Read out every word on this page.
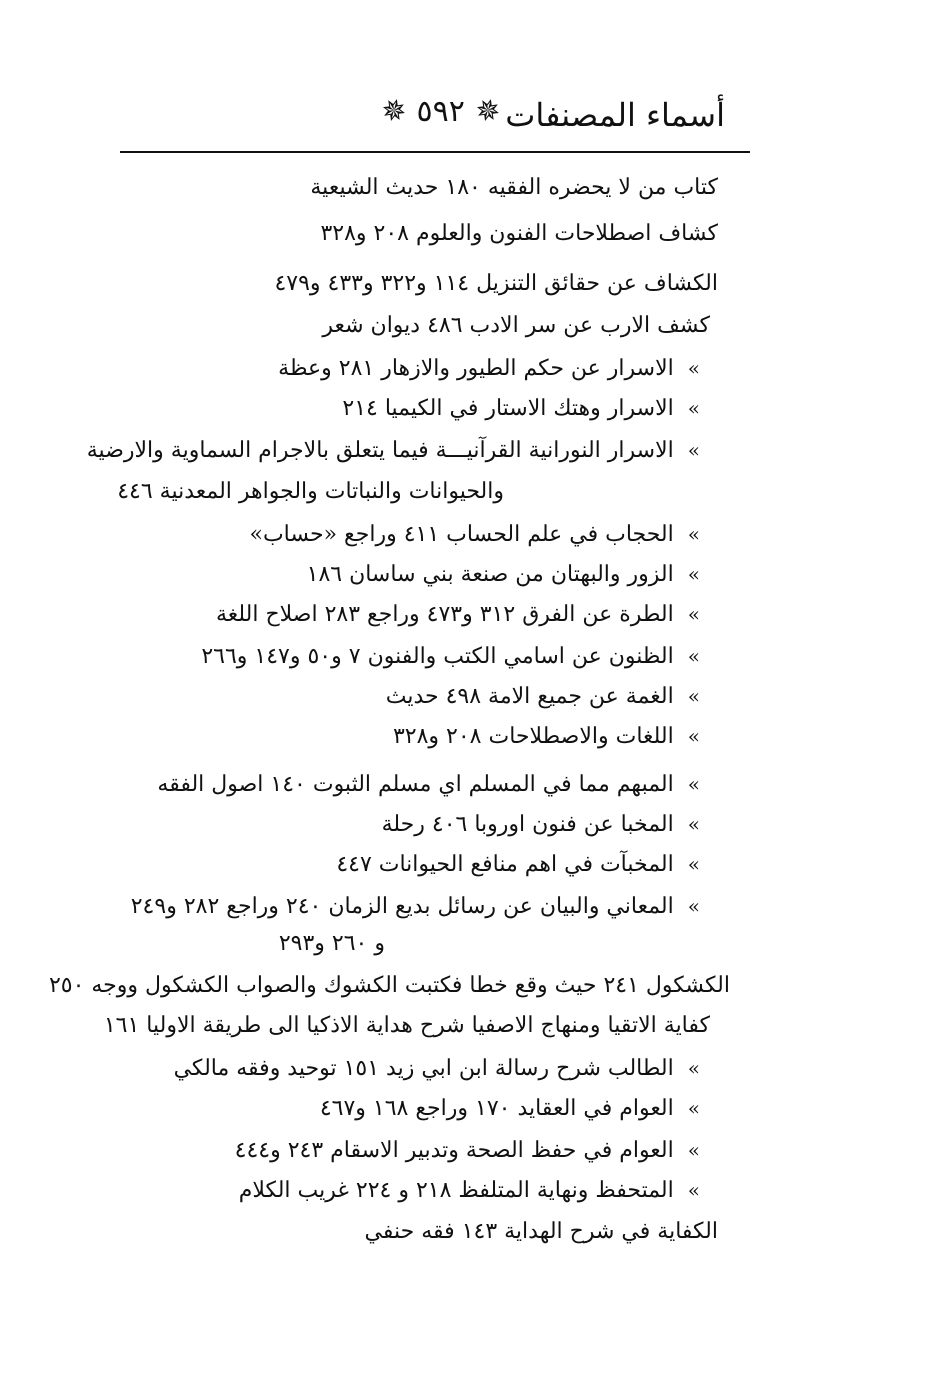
أسماء المصنفات
✵ ٥٩٢ ✵
كتاب من لا يحضره الفقيه ١٨٠ حديث الشيعية
كشاف اصطلاحات الفنون والعلوم ٢٠٨ و٣٢٨
الكشاف عن حقائق التنزيل ١١٤ و٣٢٢ و٤٣٣ و٤٧٩
كشف الارب عن سر الادب ٤٨٦ ديوان شعر
»الاسرار عن حكم الطيور والازهار ٢٨١ وعظة
»الاسرار وهتك الاستار في الكيميا ٢١٤
»الاسرار النورانية القرآنيـــة فيما يتعلق بالاجرام السماوية والارضية
والحيوانات والنباتات والجواهر المعدنية ٤٤٦
»الحجاب في علم الحساب ٤١١ وراجع «حساب»
»الزور والبهتان من صنعة بني ساسان ١٨٦
»الطرة عن الفرق ٣١٢ و٤٧٣ وراجع ٢٨٣ اصلاح اللغة
»الظنون عن اسامي الكتب والفنون ٧ و٥٠ و١٤٧ و٢٦٦
»الغمة عن جميع الامة ٤٩٨ حديث
»اللغات والاصطلاحات ٢٠٨ و٣٢٨
»المبهم مما في المسلم اي مسلم الثبوت ١٤٠ اصول الفقه
»المخبا عن فنون اوروبا ٤٠٦ رحلة
»المخبآت في اهم منافع الحيوانات ٤٤٧
»المعاني والبيان عن رسائل بديع الزمان ٢٤٠ وراجع ٢٨٢ و٢٤٩
و ٢٦٠ و٢٩٣
الكشكول ٢٤١ حيث وقع خطا فكتبت الكشوك والصواب الكشكول ووجه ٢٥٠
كفاية الاتقيا ومنهاج الاصفيا شرح هداية الاذكيا الى طريقة الاوليا ١٦١
»الطالب شرح رسالة ابن ابي زيد ١٥١ توحيد وفقه مالكي
»العوام في العقايد ١٧٠ وراجع ١٦٨ و٤٦٧
»العوام في حفظ الصحة وتدبير الاسقام ٢٤٣ و٤٤٤
»المتحفظ ونهاية المتلفظ ٢١٨ و ٢٢٤ غريب الكلام
الكفاية في شرح الهداية ١٤٣ فقه حنفي
